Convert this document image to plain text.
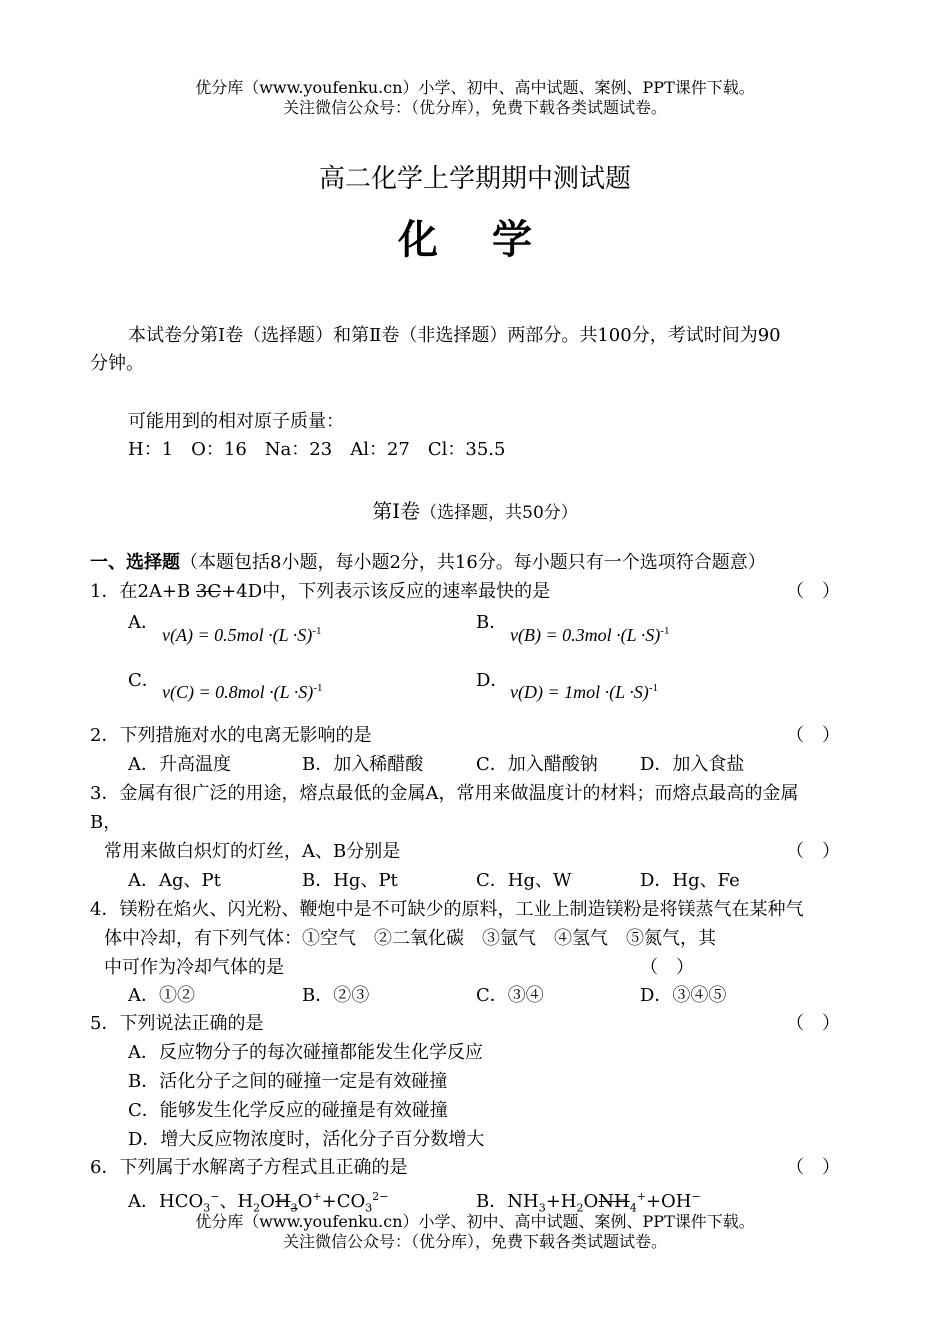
优分库（www.youfenku.cn）小学、初中、高中试题、案例、PPT课件下载。
关注微信公众号：（优分库），免费下载各类试题试卷。
高二化学上学期期中测试题
化 学
本试卷分第Ⅰ卷（选择题）和第Ⅱ卷（非选择题）两部分。共100分，考试时间为90
分钟。
可能用到的相对原子质量：
H：1　O：16　Na：23　Al：27　Cl：35.5
第Ⅰ卷（选择题，共50分）
一、选择题（本题包括8小题，每小题2分，共16分。每小题只有一个选项符合题意）
1．在2A+B 3C+4D中，下列表示该反应的速率最快的是	（　）
A．
$v(A) = 0.5mol \cdot(L \cdot S)^{-1}$	B．
$v(B) = 0.3mol \cdot(L \cdot S)^{-1}$
C．
$v(C) = 0.8mol \cdot(L \cdot S)^{-1}$	D．
$v(D) = 1mol \cdot(L \cdot S)^{-1}$
2．下列措施对水的电离无影响的是	（　）
A．升高温度	B．加入稀醋酸	C．加入醋酸钠 D．加入食盐
3．金属有很广泛的用途，熔点最低的金属A，常用来做温度计的材料；而熔点最高的金属
B，
常用来做白炽灯的灯丝，A、B分别是	（　）
A．Ag、Pt	B．Hg、Pt	C．Hg、W	D．Hg、Fe
4．镁粉在焰火、闪光粉、鞭炮中是不可缺少的原料，工业上制造镁粉是将镁蒸气在某种气
体中冷却，有下列气体：①空气　②二氧化碳　③氩气　④氢气　⑤氮气，其
中可作为冷却气体的是	（　）
A．①②	B．②③	C．③④	D．③④⑤
5．下列说法正确的是	（　）
A．反应物分子的每次碰撞都能发生化学反应
B．活化分子之间的碰撞一定是有效碰撞
C．能够发生化学反应的碰撞是有效碰撞
D．增大反应物浓度时，活化分子百分数增大
6．下列属于水解离子方程式且正确的是	（　）
A．$HCO_3^-$、$H_2OH_3O^++CO_3^{2-}$	B．$NH_3+H_2ONH_4^++OH^-$
优分库（www.youfenku.cn）小学、初中、高中试题、案例、PPT课件下载。
关注微信公众号：（优分库），免费下载各类试题试卷。
